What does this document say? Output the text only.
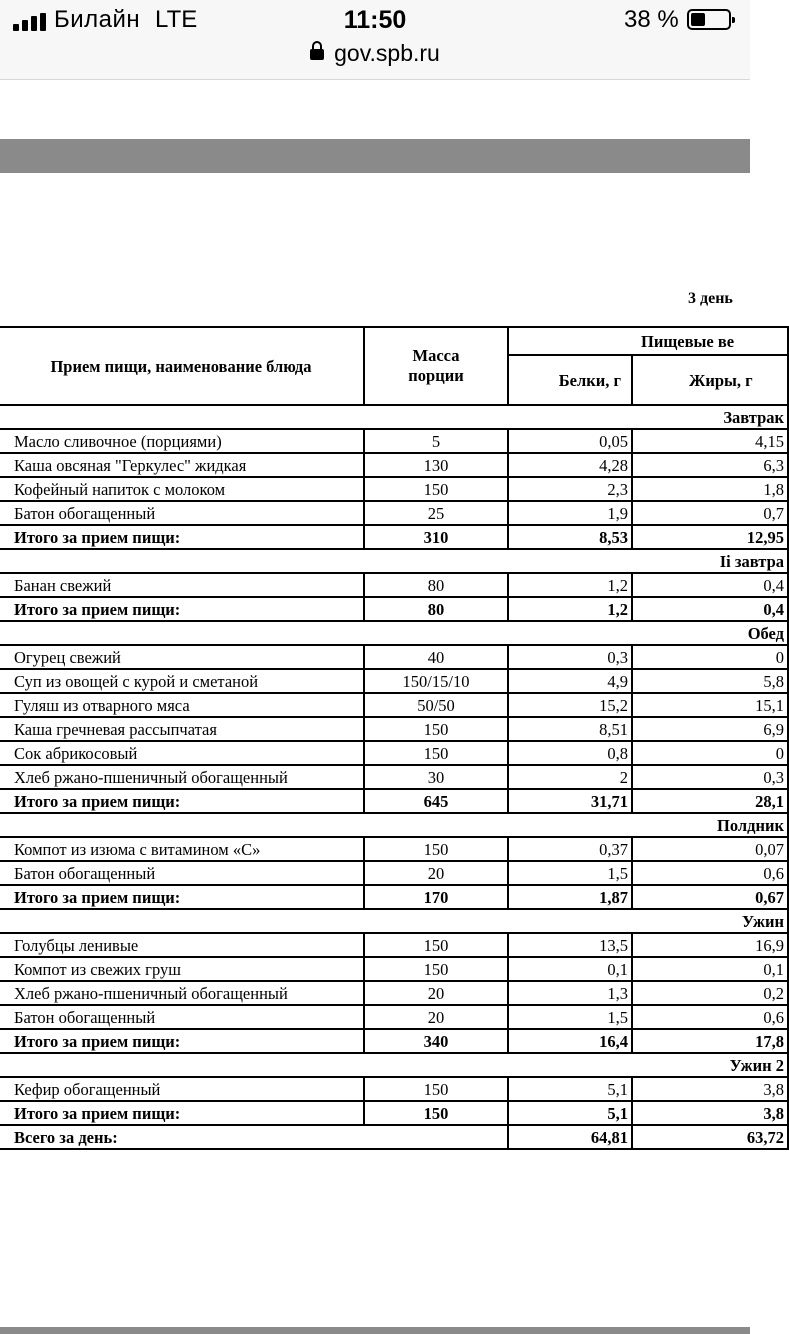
Билайн LTE	11:50	38 %
gov.spb.ru
3 день
Прием пищи, наименование блюда	Масса порции	Пищевые ве	
		Белки, г	Жиры, г
Завтрак			
Масло сливочное (порциями)	5	0,05	4,15
Каша овсяная "Геркулес" жидкая	130	4,28	6,3
Кофейный напиток с молоком	150	2,3	1,8
Батон обогащенный	25	1,9	0,7
Итого за прием пищи:	310	8,53	12,95
Ii завтра			
Банан свежий	80	1,2	0,4
Итого за прием пищи:	80	1,2	0,4
Обед			
Огурец свежий	40	0,3	0
Суп из овощей с курой и сметаной	150/15/10	4,9	5,8
Гуляш из отварного мяса	50/50	15,2	15,1
Каша гречневая рассыпчатая	150	8,51	6,9
Сок абрикосовый	150	0,8	0
Хлеб ржано-пшеничный обогащенный	30	2	0,3
Итого за прием пищи:	645	31,71	28,1
Полдник			
Компот из изюма с витамином «С»	150	0,37	0,07
Батон обогащенный	20	1,5	0,6
Итого за прием пищи:	170	1,87	0,67
Ужин			
Голубцы ленивые	150	13,5	16,9
Компот из свежих груш	150	0,1	0,1
Хлеб ржано-пшеничный обогащенный	20	1,3	0,2
Батон обогащенный	20	1,5	0,6
Итого за прием пищи:	340	16,4	17,8
Ужин 2			
Кефир обогащенный	150	5,1	3,8
Итого за прием пищи:	150	5,1	3,8
Всего за день:		64,81	63,72
